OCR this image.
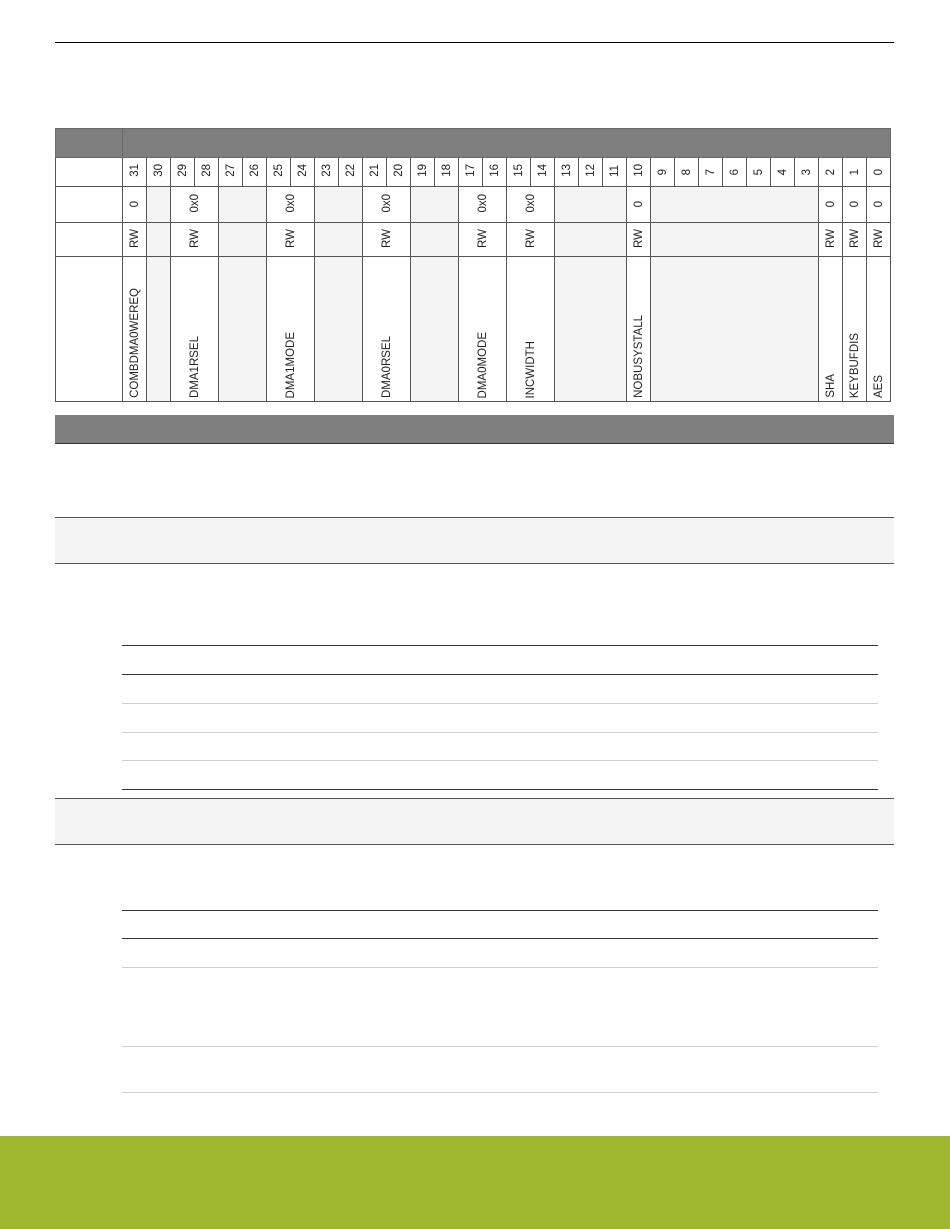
	31	30	29	28	27	26	25	24	23	22	21	20	19	18	17	16	15	14	13	12	11	10	9	8	7	6	5	4	3	2	1	0
	0		0x0				0x0				0x0				0x0		0x0					0								0	0	0
	RW		RW				RW				RW				RW		RW					RW								RW	RW	RW
	COMBDMA0WEREQ		DMA1RSEL				DMA1MODE				DMA0RSEL				DMA0MODE		INCWIDTH					NOBUSYSTALL								SHA	KEYBUFDIS	AES
